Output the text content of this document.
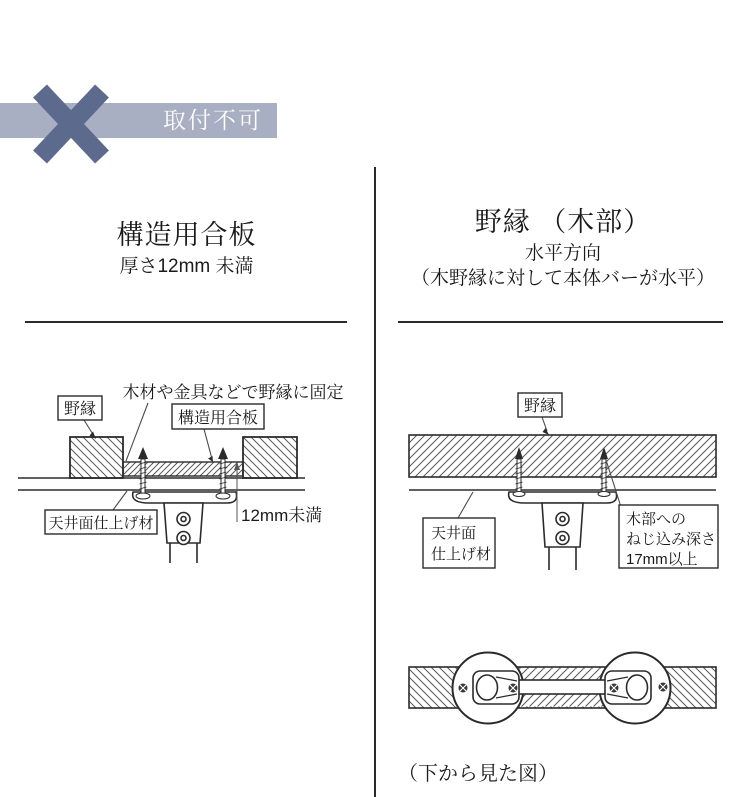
取付不可
構造用合板
厚さ12mm 未満
木材や金具などで野縁に固定
野縁
構造用合板
天井面仕上げ材	12mm未満
野縁 （木部）
水平方向
（木野縁に対して本体バーが水平）
野縁
天井面
仕上げ材
木部への
ねじ込み深さ
17mm以上
（下から見た図）
